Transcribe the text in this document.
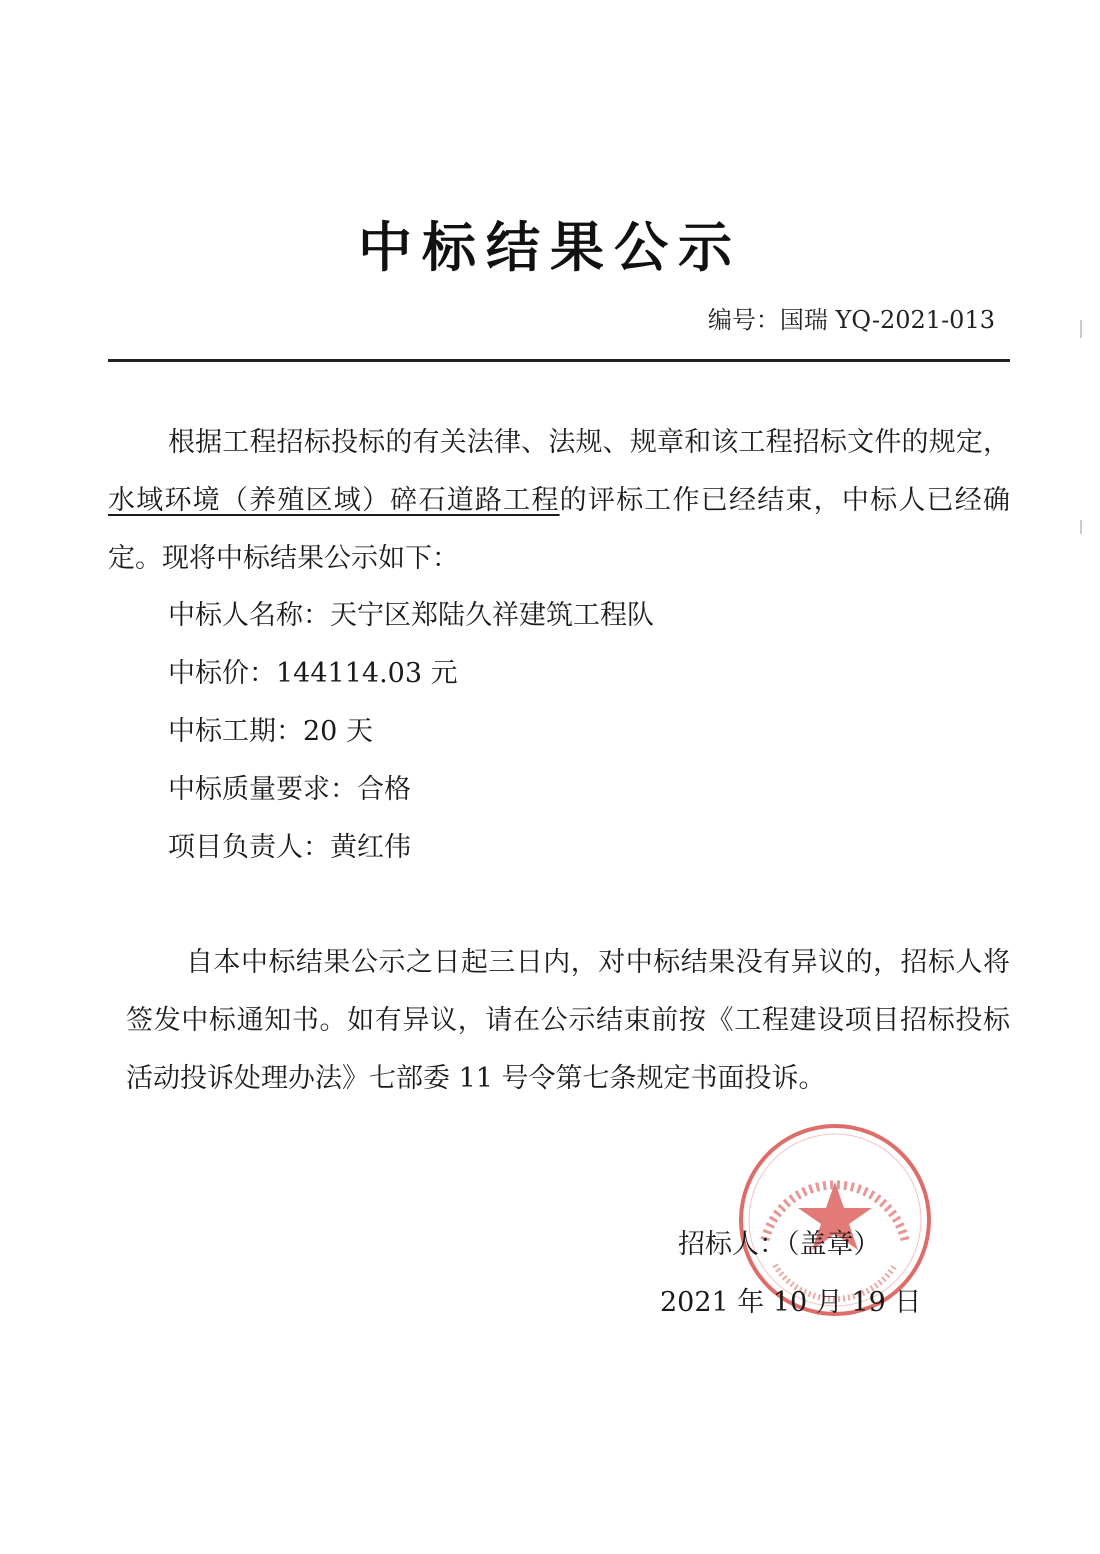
中标结果公示
编号：国瑞 YQ-2021-013
根据工程招标投标的有关法律、法规、规章和该工程招标文件的规定，水域环境（养殖区域）碎石道路工程的评标工作已经结束，中标人已经确定。现将中标结果公示如下：
中标人名称：天宁区郑陆久祥建筑工程队
中标价：144114.03 元
中标工期：20 天
中标质量要求：合格
项目负责人：黄红伟
自本中标结果公示之日起三日内，对中标结果没有异议的，招标人将签发中标通知书。如有异议，请在公示结束前按《工程建设项目招标投标活动投诉处理办法》七部委 11 号令第七条规定书面投诉。
招标人：（盖章）
2021 年 10 月 19 日
